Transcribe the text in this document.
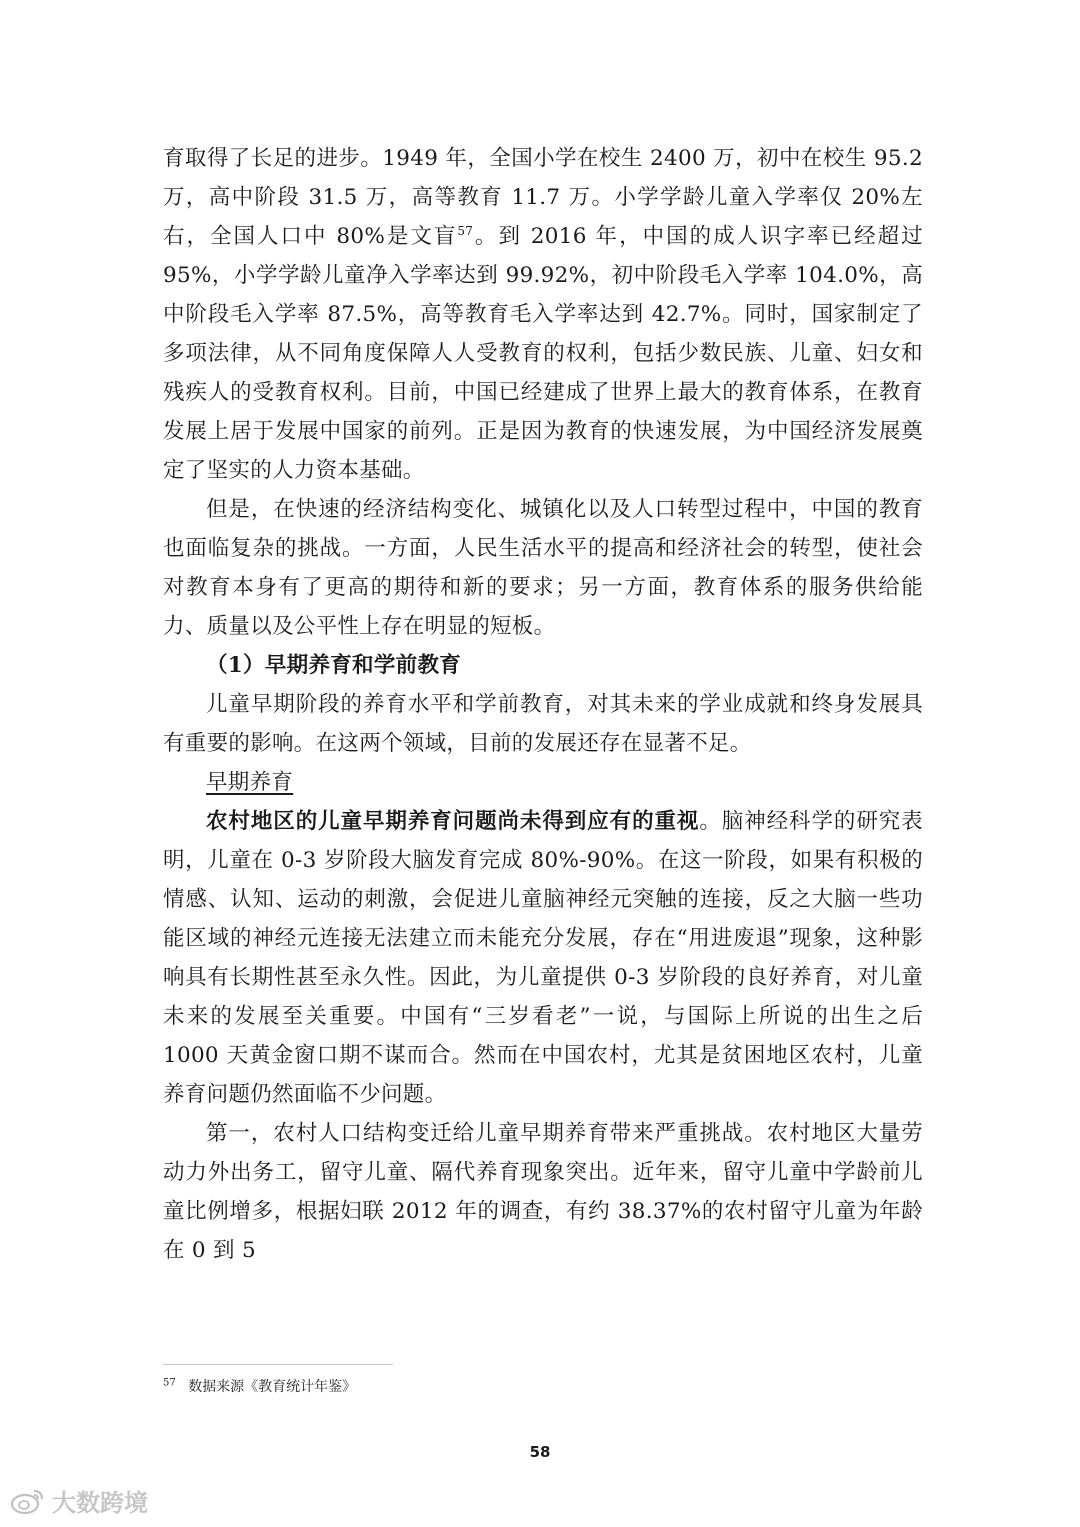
育取得了长足的进步。1949 年，全国小学在校生 2400 万，初中在校生 95.2 万，高中阶段 31.5 万，高等教育 11.7 万。小学学龄儿童入学率仅 20%左右，全国人口中 80%是文盲$^{57}$。到 2016 年，中国的成人识字率已经超过 95%，小学学龄儿童净入学率达到 99.92%，初中阶段毛入学率 104.0%，高中阶段毛入学率 87.5%，高等教育毛入学率达到 42.7%。同时，国家制定了多项法律，从不同角度保障人人受教育的权利，包括少数民族、儿童、妇女和残疾人的受教育权利。目前，中国已经建成了世界上最大的教育体系，在教育发展上居于发展中国家的前列。正是因为教育的快速发展，为中国经济发展奠定了坚实的人力资本基础。

但是，在快速的经济结构变化、城镇化以及人口转型过程中，中国的教育也面临复杂的挑战。一方面，人民生活水平的提高和经济社会的转型，使社会对教育本身有了更高的期待和新的要求；另一方面，教育体系的服务供给能力、质量以及公平性上存在明显的短板。

（1）早期养育和学前教育

儿童早期阶段的养育水平和学前教育，对其未来的学业成就和终身发展具有重要的影响。在这两个领域，目前的发展还存在显著不足。

早期养育

农村地区的儿童早期养育问题尚未得到应有的重视。脑神经科学的研究表明，儿童在 0-3 岁阶段大脑发育完成 80%-90%。在这一阶段，如果有积极的情感、认知、运动的刺激，会促进儿童脑神经元突触的连接，反之大脑一些功能区域的神经元连接无法建立而未能充分发展，存在“用进废退”现象，这种影响具有长期性甚至永久性。因此，为儿童提供 0-3 岁阶段的良好养育，对儿童未来的发展至关重要。中国有“三岁看老”一说，与国际上所说的出生之后 1000 天黄金窗口期不谋而合。然而在中国农村，尤其是贫困地区农村，儿童养育问题仍然面临不少问题。

第一，农村人口结构变迁给儿童早期养育带来严重挑战。农村地区大量劳动力外出务工，留守儿童、隔代养育现象突出。近年来，留守儿童中学龄前儿童比例增多，根据妇联 2012 年的调查，有约 38.37%的农村留守儿童为年龄在 0 到 5

$^{57}$ 数据来源《教育统计年鉴》
58
大数跨境
